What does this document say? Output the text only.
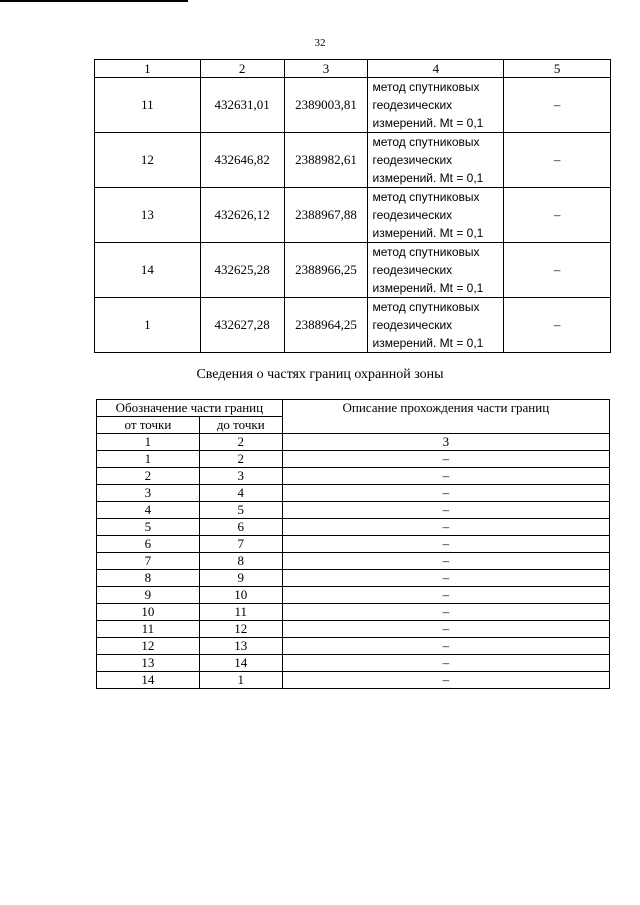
32
1	2	3	4	5
11	432631,01	2389003,81	метод спутниковых
геодезических
измерений. Mt = 0,1	–
12	432646,82	2388982,61	метод спутниковых
геодезических
измерений. Mt = 0,1	–
13	432626,12	2388967,88	метод спутниковых
геодезических
измерений. Mt = 0,1	–
14	432625,28	2388966,25	метод спутниковых
геодезических
измерений. Mt = 0,1	–
1	432627,28	2388964,25	метод спутниковых
геодезических
измерений. Mt = 0,1	–
Сведения о частях границ охранной зоны
Обозначение части границ		Описание прохождения части границ
от точки	до точки	
1	2	3
1	2	–
2	3	–
3	4	–
4	5	–
5	6	–
6	7	–
7	8	–
8	9	–
9	10	–
10	11	–
11	12	–
12	13	–
13	14	–
14	1	–
